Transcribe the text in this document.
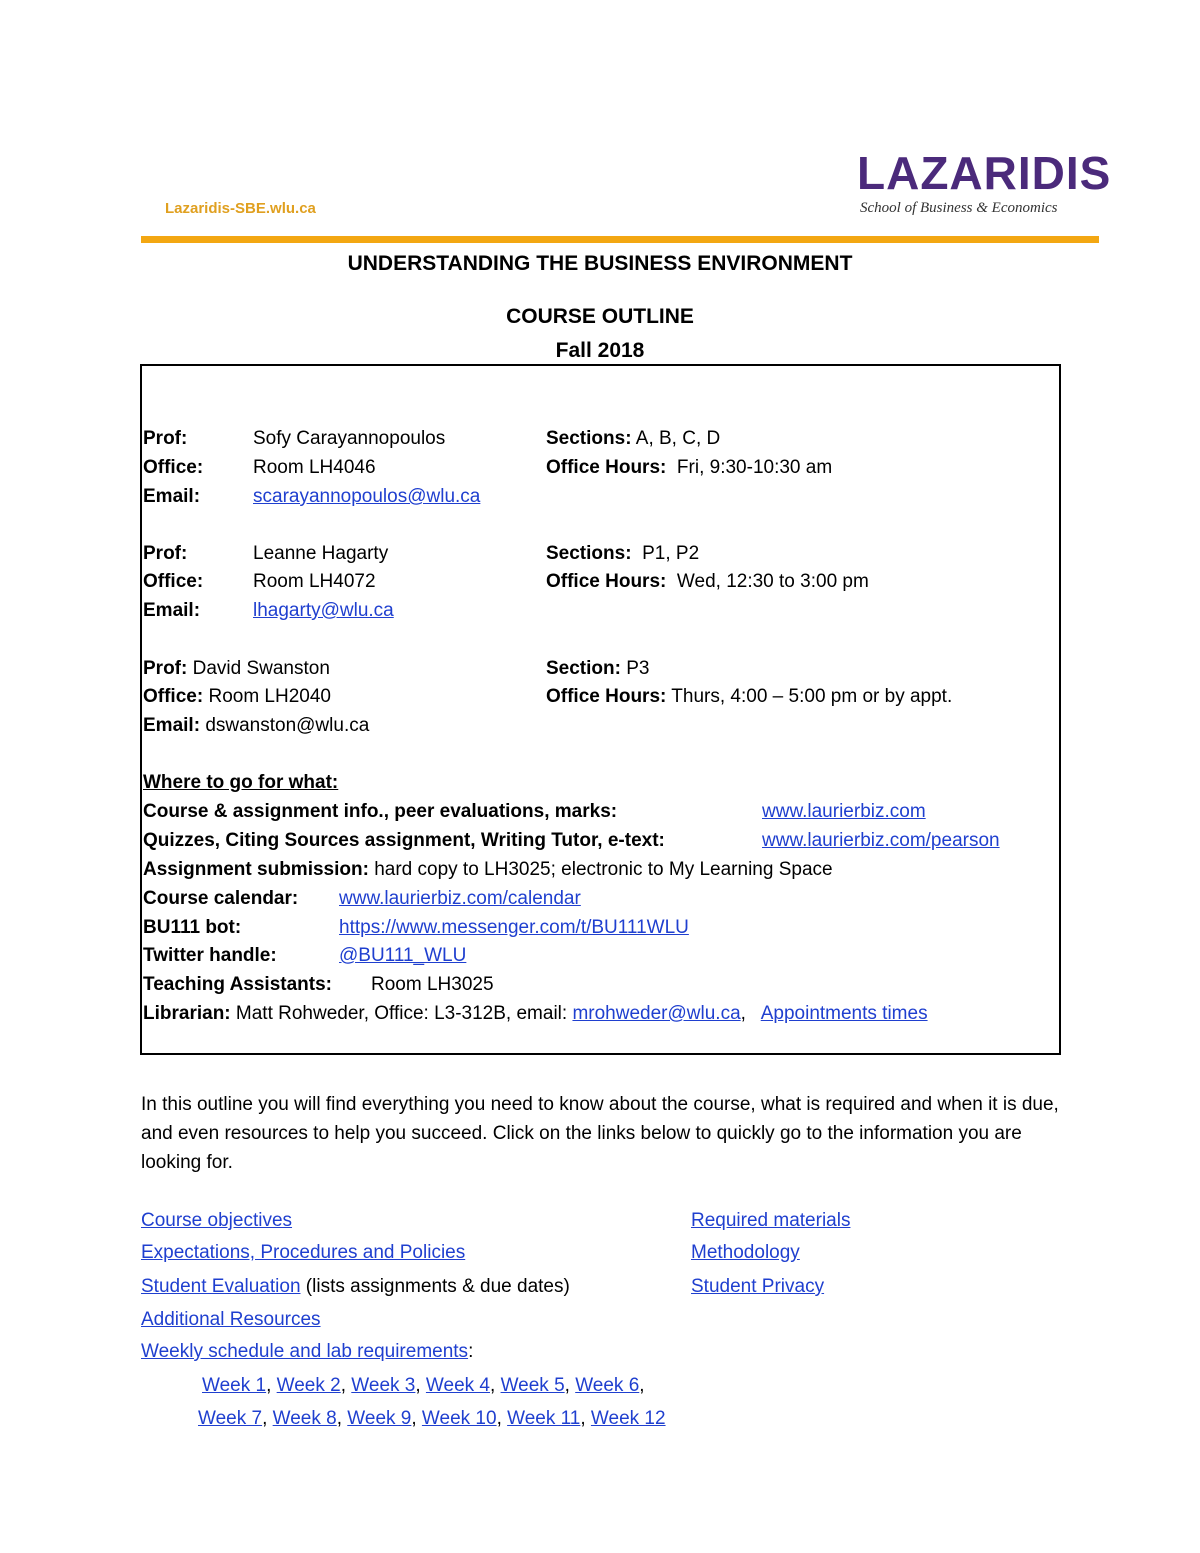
Lazaridis-SBE.wlu.ca
LAZARIDIS
School of Business & Economics
UNDERSTANDING THE BUSINESS ENVIRONMENT
COURSE OUTLINE
Fall 2018
Prof:	Sofy Carayannopoulos	Sections: A, B, C, D
Office:	Room LH4046	Office Hours: Fri, 9:30-10:30 am
Email:	scarayannopoulos@wlu.ca
Prof:	Leanne Hagarty	Sections: P1, P2
Office:	Room LH4072	Office Hours: Wed, 12:30 to 3:00 pm
Email:	lhagarty@wlu.ca
Prof: David Swanston	Section: P3
Office: Room LH2040	Office Hours: Thurs, 4:00 – 5:00 pm or by appt.
Email: dswanston@wlu.ca
Where to go for what:
Course & assignment info., peer evaluations, marks:	www.laurierbiz.com
Quizzes, Citing Sources assignment, Writing Tutor, e-text:	www.laurierbiz.com/pearson
Assignment submission: hard copy to LH3025; electronic to My Learning Space
Course calendar: www.laurierbiz.com/calendar
BU111 bot:	https://www.messenger.com/t/BU111WLU
Twitter handle:	@BU111_WLU
Teaching Assistants: Room LH3025
Librarian: Matt Rohweder, Office: L3-312B, email: mrohweder@wlu.ca, Appointments times
In this outline you will find everything you need to know about the course, what is required and when it is due, and even resources to help you succeed. Click on the links below to quickly go to the information you are looking for.
Course objectives	Required materials
Expectations, Procedures and Policies	Methodology
Student Evaluation (lists assignments & due dates)	Student Privacy
Additional Resources
Weekly schedule and lab requirements:
Week 1, Week 2, Week 3, Week 4, Week 5, Week 6,
Week 7, Week 8, Week 9, Week 10, Week 11, Week 12
